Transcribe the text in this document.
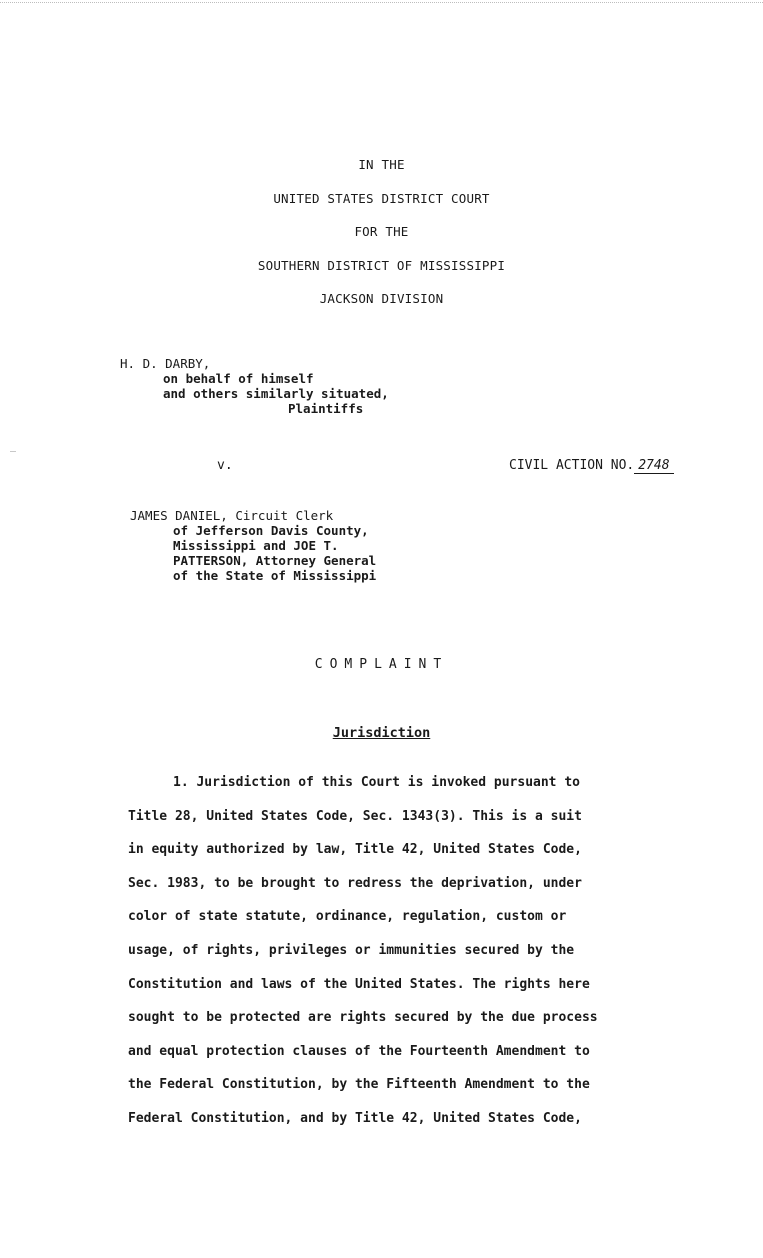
IN THE
UNITED STATES DISTRICT COURT
FOR THE
SOUTHERN DISTRICT OF MISSISSIPPI
JACKSON DIVISION
H. D. DARBY,
on behalf of himself
and others similarly situated,
Plaintiffs
v.	CIVIL ACTION NO. 2748
JAMES DANIEL, Circuit Clerk
of Jefferson Davis County,
Mississippi and JOE T.
PATTERSON, Attorney General
of the State of Mississippi
COMPLAINT
Jurisdiction
1. Jurisdiction of this Court is invoked pursuant to
Title 28, United States Code, Sec. 1343(3). This is a suit
in equity authorized by law, Title 42, United States Code,
Sec. 1983, to be brought to redress the deprivation, under
color of state statute, ordinance, regulation, custom or
usage, of rights, privileges or immunities secured by the
Constitution and laws of the United States. The rights here
sought to be protected are rights secured by the due process
and equal protection clauses of the Fourteenth Amendment to
the Federal Constitution, by the Fifteenth Amendment to the
Federal Constitution, and by Title 42, United States Code,
